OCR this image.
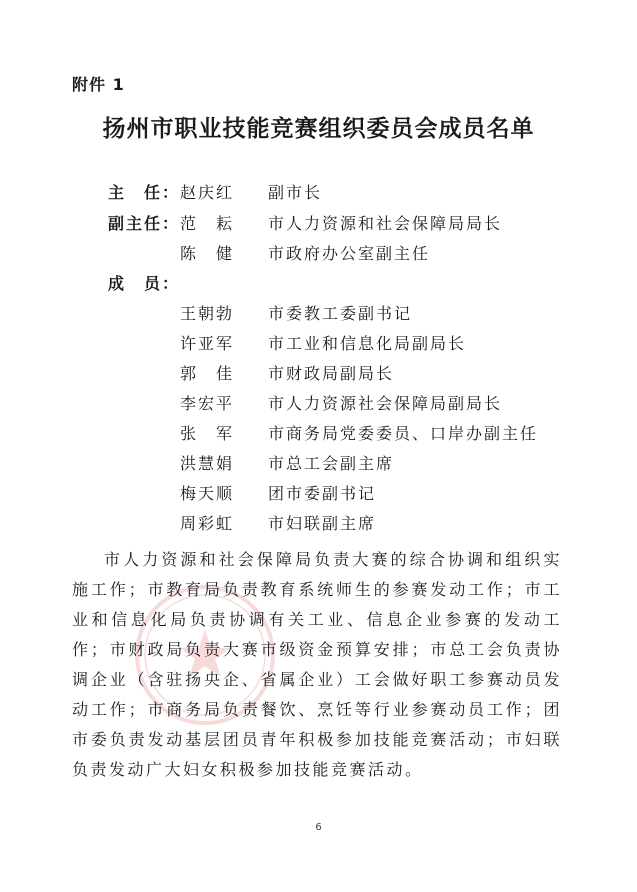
附件 1
扬州市职业技能竞赛组织委员会成员名单
主　任： 赵庆红 副市长
副主任： 范　耘 市人力资源和社会保障局局长
陈　健 市政府办公室副主任
成　员：
王朝勃 市委教工委副书记
许亚军 市工业和信息化局副局长
郭　佳 市财政局副局长
李宏平 市人力资源社会保障局副局长
张　军 市商务局党委委员、口岸办副主任
洪慧娟 市总工会副主席
梅天顺 团市委副书记
周彩虹 市妇联副主席
市人力资源和社会保障局负责大赛的综合协调和组织实施工作；市教育局负责教育系统师生的参赛发动工作；市工业和信息化局负责协调有关工业、信息企业参赛的发动工作；市财政局负责大赛市级资金预算安排；市总工会负责协调企业（含驻扬央企、省属企业）工会做好职工参赛动员发动工作；市商务局负责餐饮、烹饪等行业参赛动员工作；团市委负责发动基层团员青年积极参加技能竞赛活动；市妇联负责发动广大妇女积极参加技能竞赛活动。
6
